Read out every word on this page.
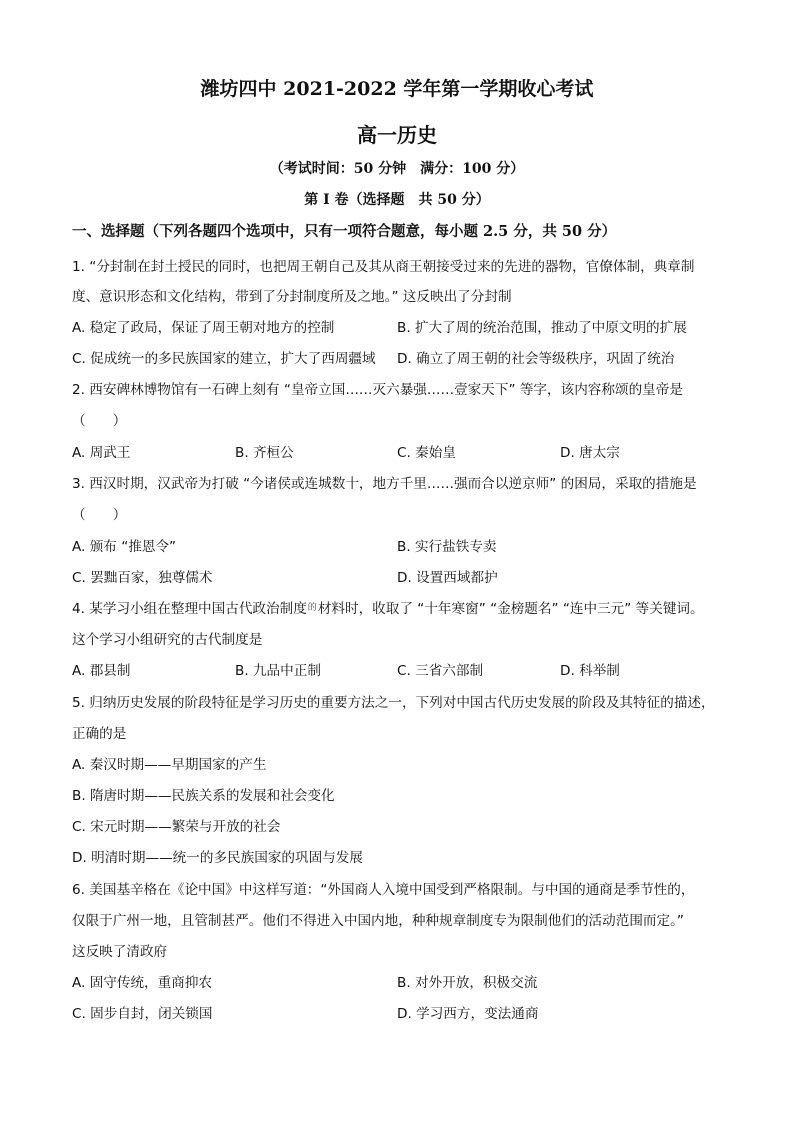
潍坊四中 2021-2022 学年第一学期收心考试
高一历史
（考试时间：50 分钟　满分：100 分）
第 I 卷（选择题　共 50 分）
一、选择题（下列各题四个选项中，只有一项符合题意，每小题 2.5 分，共 50 分）
1. “分封制在封土授民的同时，也把周王朝自己及其从商王朝接受过来的先进的器物，官僚体制，典章制
度、意识形态和文化结构，带到了分封制度所及之地。” 这反映出了分封制
A. 稳定了政局，保证了周王朝对地方的控制	B. 扩大了周的统治范围，推动了中原文明的扩展
C. 促成统一的多民族国家的建立，扩大了西周疆域 D. 确立了周王朝的社会等级秩序，巩固了统治
2. 西安碑林博物馆有一石碑上刻有 “皇帝立国……灭六暴强……壹家天下” 等字，该内容称颂的皇帝是
（　　）
A. 周武王	B. 齐桓公	C. 秦始皇	D. 唐太宗
3. 西汉时期，汉武帝为打破 “今诸侯或连城数十，地方千里……强而合以逆京师” 的困局，采取的措施是
（　　）
A. 颁布 “推恩令”	B. 实行盐铁专卖
C. 罢黜百家，独尊儒术	D. 设置西域都护
4. 某学习小组在整理中国古代政治制度的材料时，收取了 “十年寒窗” “金榜题名” “连中三元” 等关键词。
这个学习小组研究的古代制度是
A. 郡县制	B. 九品中正制	C. 三省六部制	D. 科举制
5. 归纳历史发展的阶段特征是学习历史的重要方法之一，下列对中国古代历史发展的阶段及其特征的描述，
正确的是
A. 秦汉时期——早期国家的产生
B. 隋唐时期——民族关系的发展和社会变化
C. 宋元时期——繁荣与开放的社会
D. 明清时期——统一的多民族国家的巩固与发展
6. 美国基辛格在《论中国》中这样写道：“外国商人入境中国受到严格限制。与中国的通商是季节性的，
仅限于广州一地，且管制甚严。他们不得进入中国内地，种种规章制度专为限制他们的活动范围而定。”
这反映了清政府
A. 固守传统，重商抑农	B. 对外开放，积极交流
C. 固步自封，闭关锁国	D. 学习西方，变法通商
